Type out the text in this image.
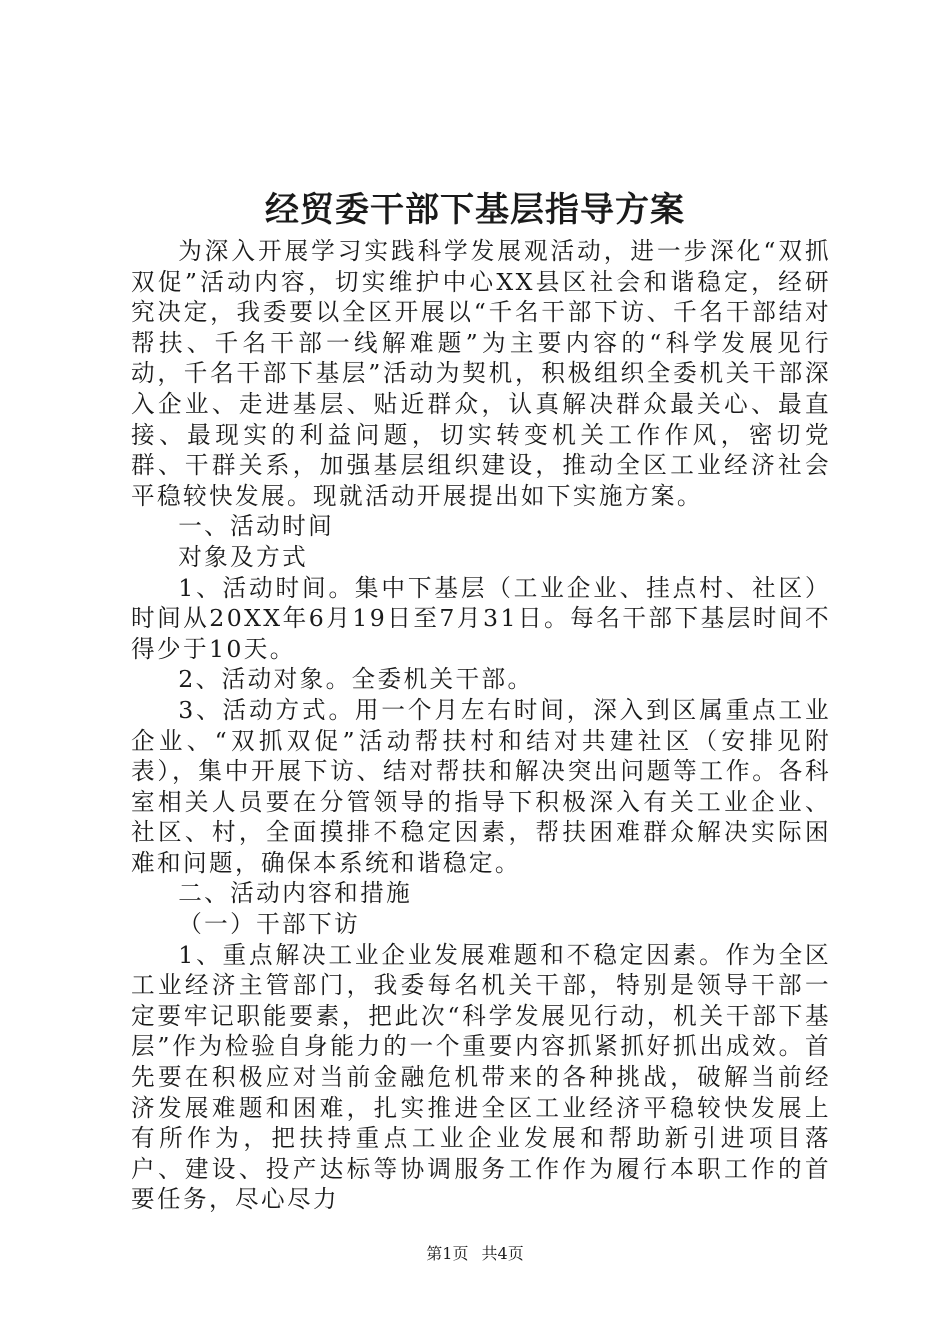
经贸委干部下基层指导方案

为深入开展学习实践科学发展观活动，进一步深化“双抓双促”活动内容，切实维护中心XX县区社会和谐稳定，经研究决定，我委要以全区开展以“千名干部下访、千名干部结对帮扶、千名干部一线解难题”为主要内容的“科学发展见行动，千名干部下基层”活动为契机，积极组织全委机关干部深入企业、走进基层、贴近群众，认真解决群众最关心、最直接、最现实的利益问题，切实转变机关工作作风，密切党群、干群关系，加强基层组织建设，推动全区工业经济社会平稳较快发展。现就活动开展提出如下实施方案。

一、活动时间

对象及方式

1、活动时间。集中下基层（工业企业、挂点村、社区）时间从20XX年6月19日至7月31日。每名干部下基层时间不得少于10天。

2、活动对象。全委机关干部。

3、活动方式。用一个月左右时间，深入到区属重点工业企业、“双抓双促”活动帮扶村和结对共建社区（安排见附表），集中开展下访、结对帮扶和解决突出问题等工作。各科室相关人员要在分管领导的指导下积极深入有关工业企业、社区、村，全面摸排不稳定因素，帮扶困难群众解决实际困难和问题，确保本系统和谐稳定。

二、活动内容和措施

（一）干部下访

1、重点解决工业企业发展难题和不稳定因素。作为全区工业经济主管部门，我委每名机关干部，特别是领导干部一定要牢记职能要素，把此次“科学发展见行动，机关干部下基层”作为检验自身能力的一个重要内容抓紧抓好抓出成效。首先要在积极应对当前金融危机带来的各种挑战，破解当前经济发展难题和困难，扎实推进全区工业经济平稳较快发展上有所作为，把扶持重点工业企业发展和帮助新引进项目落户、建设、投产达标等协调服务工作作为履行本职工作的首要任务，尽心尽力

第1页 共4页
